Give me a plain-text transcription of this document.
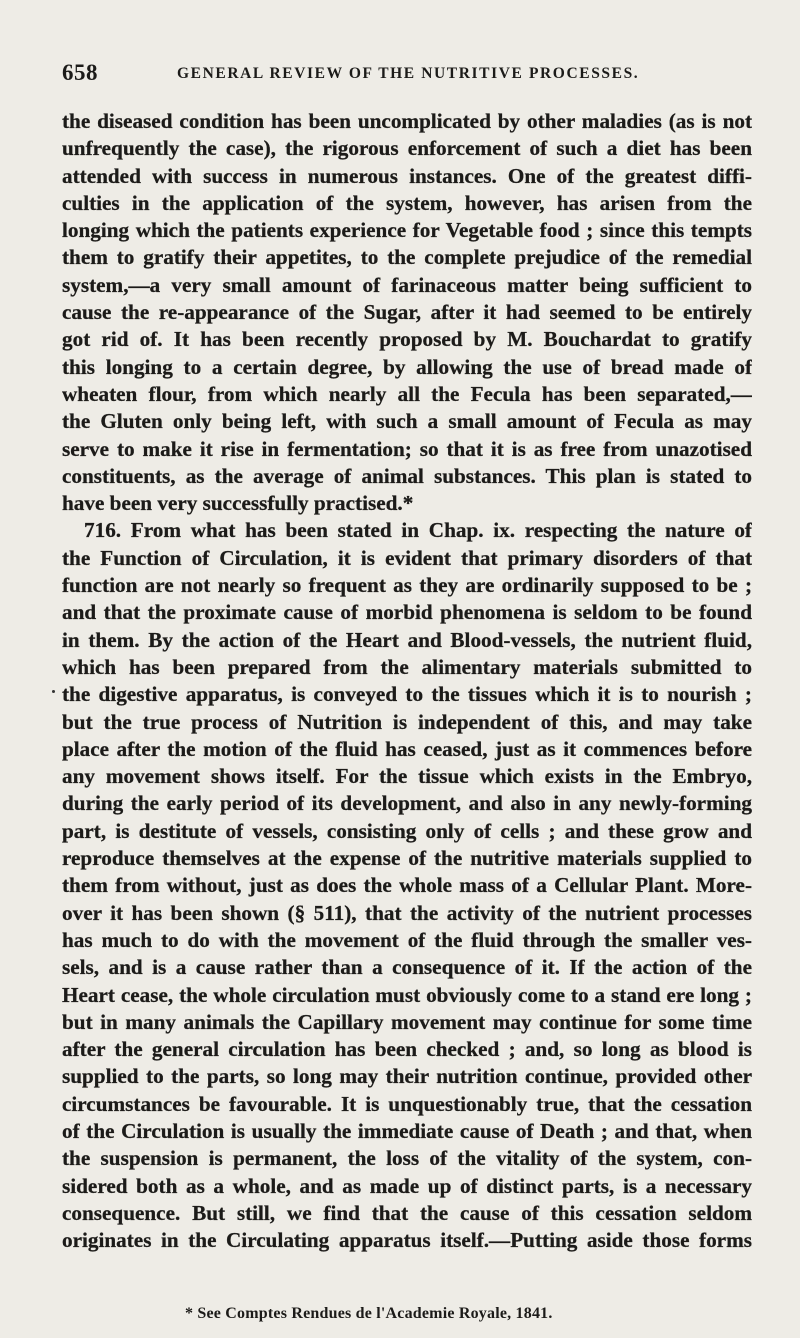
658	GENERAL REVIEW OF THE NUTRITIVE PROCESSES.
the diseased condition has been uncomplicated by other maladies (as is not
unfrequently the case), the rigorous enforcement of such a diet has been
attended with success in numerous instances. One of the greatest diffi-
culties in the application of the system, however, has arisen from the
longing which the patients experience for Vegetable food ; since this tempts
them to gratify their appetites, to the complete prejudice of the remedial
system,—a very small amount of farinaceous matter being sufficient to
cause the re-appearance of the Sugar, after it had seemed to be entirely
got rid of. It has been recently proposed by M. Bouchardat to gratify
this longing to a certain degree, by allowing the use of bread made of
wheaten flour, from which nearly all the Fecula has been separated,—
the Gluten only being left, with such a small amount of Fecula as may
serve to make it rise in fermentation; so that it is as free from unazotised
constituents, as the average of animal substances. This plan is stated to
have been very successfully practised.*
716. From what has been stated in Chap. ix. respecting the nature of
the Function of Circulation, it is evident that primary disorders of that
function are not nearly so frequent as they are ordinarily supposed to be ;
and that the proximate cause of morbid phenomena is seldom to be found
in them. By the action of the Heart and Blood-vessels, the nutrient fluid,
which has been prepared from the alimentary materials submitted to
the digestive apparatus, is conveyed to the tissues which it is to nourish ;
but the true process of Nutrition is independent of this, and may take
place after the motion of the fluid has ceased, just as it commences before
any movement shows itself. For the tissue which exists in the Embryo,
during the early period of its development, and also in any newly-forming
part, is destitute of vessels, consisting only of cells ; and these grow and
reproduce themselves at the expense of the nutritive materials supplied to
them from without, just as does the whole mass of a Cellular Plant. More-
over it has been shown (§ 511), that the activity of the nutrient processes
has much to do with the movement of the fluid through the smaller ves-
sels, and is a cause rather than a consequence of it. If the action of the
Heart cease, the whole circulation must obviously come to a stand ere long ;
but in many animals the Capillary movement may continue for some time
after the general circulation has been checked ; and, so long as blood is
supplied to the parts, so long may their nutrition continue, provided other
circumstances be favourable. It is unquestionably true, that the cessation
of the Circulation is usually the immediate cause of Death ; and that, when
the suspension is permanent, the loss of the vitality of the system, con-
sidered both as a whole, and as made up of distinct parts, is a necessary
consequence. But still, we find that the cause of this cessation seldom
originates in the Circulating apparatus itself.—Putting aside those forms
* See Comptes Rendues de l'Academie Royale, 1841.
